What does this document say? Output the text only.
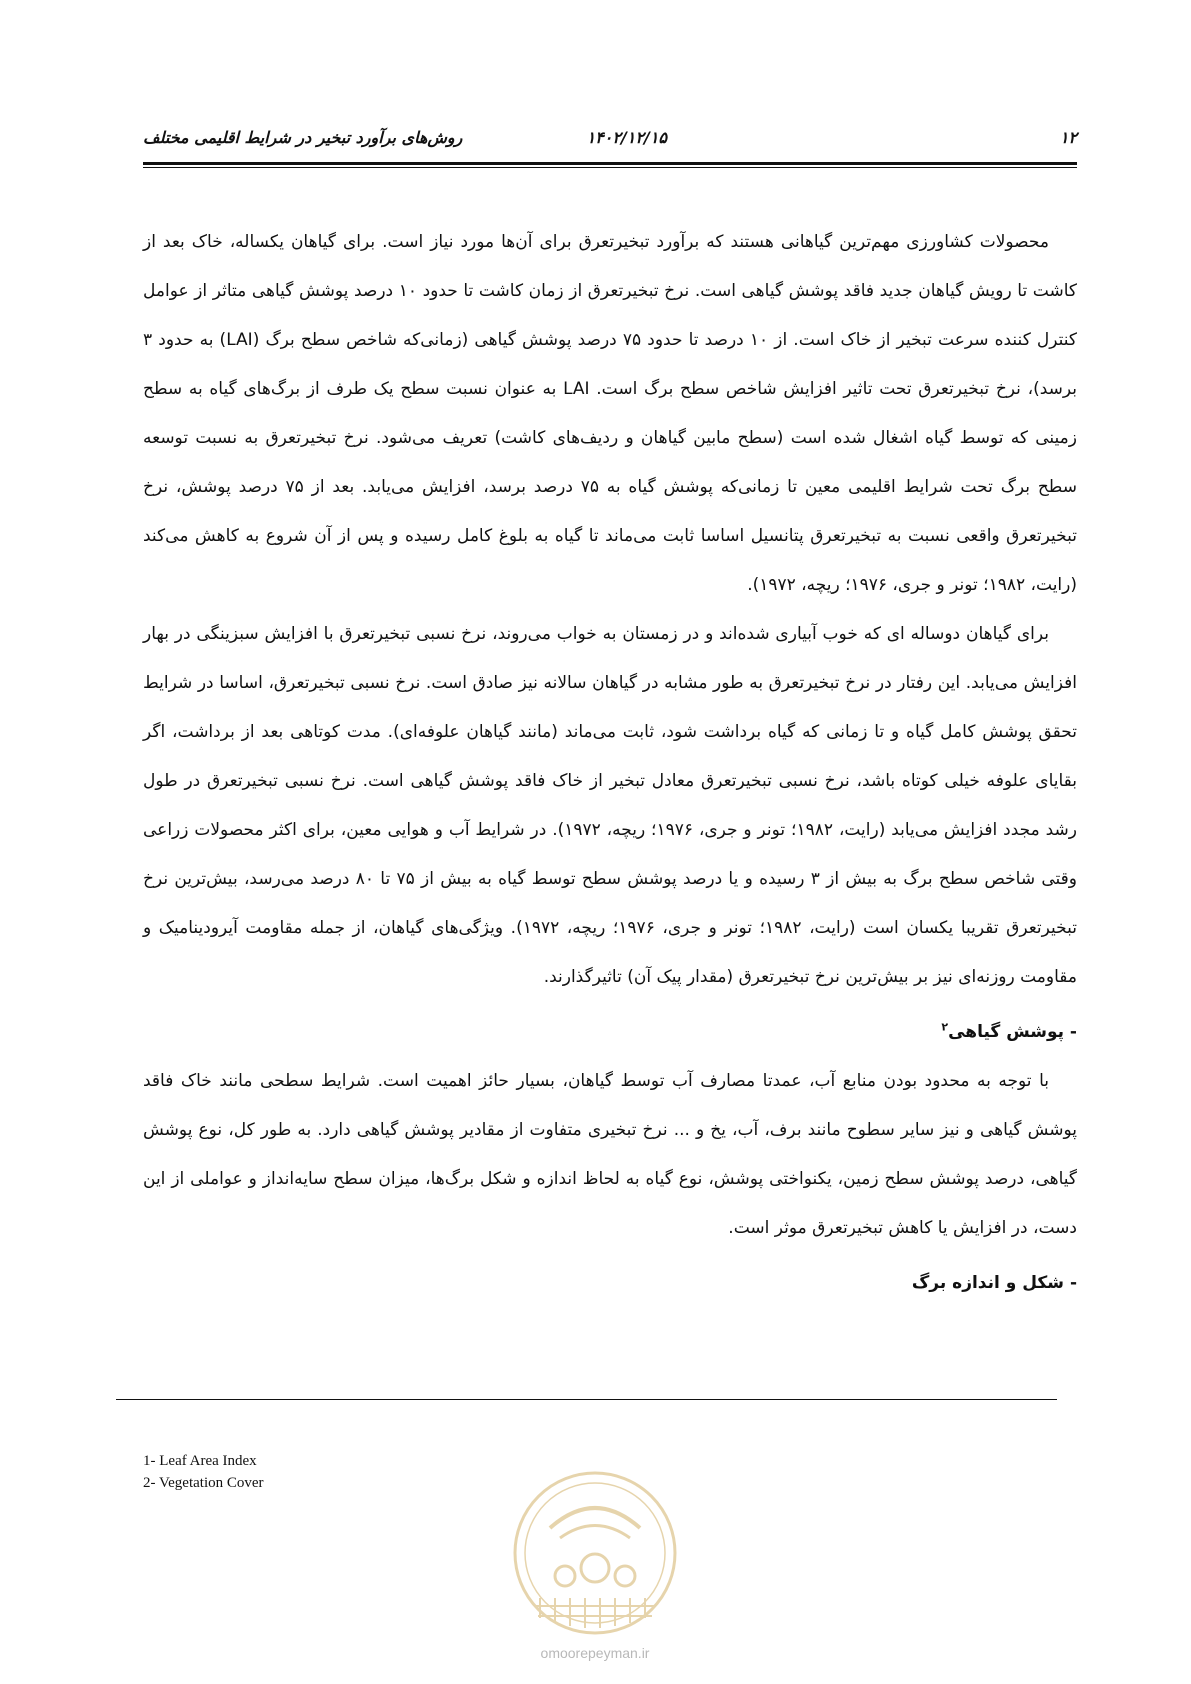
۱۲
۱۴۰۲/۱۲/۱۵
روش‌های برآورد تبخیر در شرایط اقلیمی مختلف

محصولات کشاورزی مهم‌ترین گیاهانی هستند که برآورد تبخیرتعرق برای آن‌ها مورد نیاز است. برای گیاهان یکساله، خاک بعد از کاشت تا رویش گیاهان جدید فاقد پوشش گیاهی است. نرخ تبخیرتعرق از زمان کاشت تا حدود ۱۰ درصد پوشش گیاهی متاثر از عوامل کنترل کننده سرعت تبخیر از خاک است. از ۱۰ درصد تا حدود ۷۵ درصد پوشش گیاهی (زمانی‌که شاخص سطح برگ (LAI) به حدود ۳ برسد)، نرخ تبخیرتعرق تحت تاثیر افزایش شاخص سطح برگ است. LAI به عنوان نسبت سطح یک طرف از برگ‌های گیاه به سطح زمینی که توسط گیاه اشغال شده است (سطح مابین گیاهان و ردیف‌های کاشت) تعریف می‌شود. نرخ تبخیرتعرق به نسبت توسعه سطح برگ تحت شرایط اقلیمی معین تا زمانی‌که پوشش گیاه به ۷۵ درصد برسد، افزایش می‌یابد. بعد از ۷۵ درصد پوشش، نرخ تبخیرتعرق واقعی نسبت به تبخیرتعرق پتانسیل اساسا ثابت می‌ماند تا گیاه به بلوغ کامل رسیده و پس از آن شروع به کاهش می‌کند (رایت، ۱۹۸۲؛ تونر و جری، ۱۹۷۶؛ ریچه، ۱۹۷۲).

برای گیاهان دوساله ای که خوب آبیاری شده‌اند و در زمستان به خواب می‌روند، نرخ نسبی تبخیرتعرق با افزایش سبزینگی در بهار افزایش می‌یابد. این رفتار در نرخ تبخیرتعرق به طور مشابه در گیاهان سالانه نیز صادق است. نرخ نسبی تبخیرتعرق، اساسا در شرایط تحقق پوشش کامل گیاه و تا زمانی که گیاه برداشت شود، ثابت می‌ماند (مانند گیاهان علوفه‌ای). مدت کوتاهی بعد از برداشت، اگر بقایای علوفه خیلی کوتاه باشد، نرخ نسبی تبخیرتعرق معادل تبخیر از خاک فاقد پوشش گیاهی است. نرخ نسبی تبخیرتعرق در طول رشد مجدد افزایش می‌یابد (رایت، ۱۹۸۲؛ تونر و جری، ۱۹۷۶؛ ریچه، ۱۹۷۲). در شرایط آب و هوایی معین، برای اکثر محصولات زراعی وقتی شاخص سطح برگ به بیش از ۳ رسیده و یا درصد پوشش سطح توسط گیاه به بیش از ۷۵ تا ۸۰ درصد می‌رسد، بیش‌ترین نرخ تبخیرتعرق تقریبا یکسان است (رایت، ۱۹۸۲؛ تونر و جری، ۱۹۷۶؛ ریچه، ۱۹۷۲). ویژگی‌های گیاهان، از جمله مقاومت آیرودینامیک و مقاومت روزنه‌ای نیز بر بیش‌ترین نرخ تبخیرتعرق (مقدار پیک آن) تاثیرگذارند.

- پوشش گیاهی$^۲$

با توجه به محدود بودن منابع آب، عمدتا مصارف آب توسط گیاهان، بسیار حائز اهمیت است. شرایط سطحی مانند خاک فاقد پوشش گیاهی و نیز سایر سطوح مانند برف، آب، یخ و ... نرخ تبخیری متفاوت از مقادیر پوشش گیاهی دارد. به طور کل، نوع پوشش گیاهی، درصد پوشش سطح زمین، یکنواختی پوشش، نوع گیاه به لحاظ اندازه و شکل برگ‌ها، میزان سطح سایه‌انداز و عواملی از این دست، در افزایش یا کاهش تبخیرتعرق موثر است.

- شکل و اندازه برگ
1- Leaf Area Index
2- Vegetation Cover
omoorepeyman.ir
